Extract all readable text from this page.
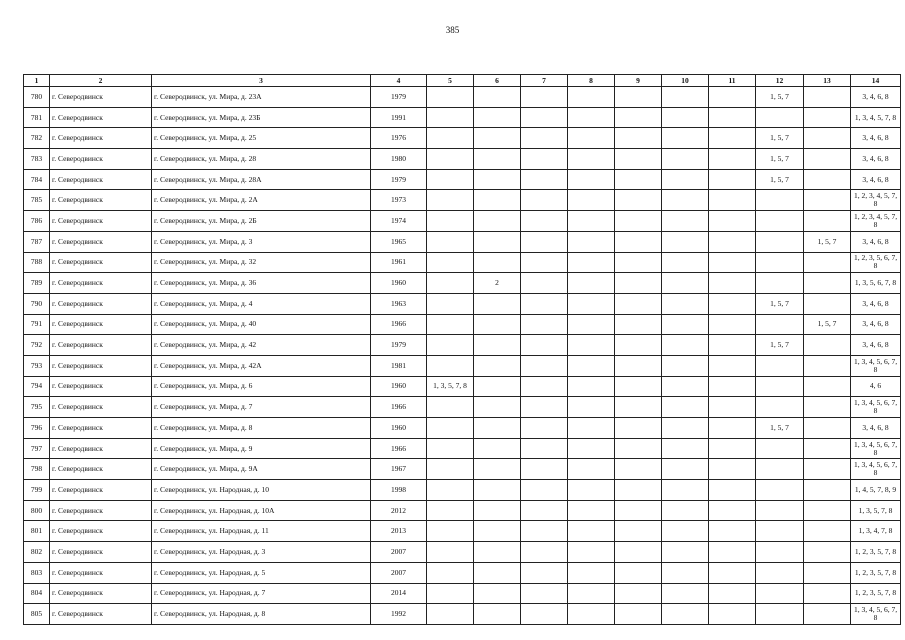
385
1	2	3	4	5	6	7	8	9	10	11	12	13	14
780	г. Северодвинск	г. Северодвинск, ул. Мира, д. 23А	1979								1, 5, 7		3, 4, 6, 8
781	г. Северодвинск	г. Северодвинск, ул. Мира, д. 23Б	1991										1, 3, 4, 5, 7, 8
782	г. Северодвинск	г. Северодвинск, ул. Мира, д. 25	1976								1, 5, 7		3, 4, 6, 8
783	г. Северодвинск	г. Северодвинск, ул. Мира, д. 28	1980								1, 5, 7		3, 4, 6, 8
784	г. Северодвинск	г. Северодвинск, ул. Мира, д. 28А	1979								1, 5, 7		3, 4, 6, 8
785	г. Северодвинск	г. Северодвинск, ул. Мира, д. 2А	1973										1, 2, 3, 4, 5, 7, 8
786	г. Северодвинск	г. Северодвинск, ул. Мира, д. 2Б	1974										1, 2, 3, 4, 5, 7, 8
787	г. Северодвинск	г. Северодвинск, ул. Мира, д. 3	1965									1, 5, 7	3, 4, 6, 8
788	г. Северодвинск	г. Северодвинск, ул. Мира, д. 32	1961										1, 2, 3, 5, 6, 7, 8
789	г. Северодвинск	г. Северодвинск, ул. Мира, д. 36	1960		2								1, 3, 5, 6, 7, 8
790	г. Северодвинск	г. Северодвинск, ул. Мира, д. 4	1963								1, 5, 7		3, 4, 6, 8
791	г. Северодвинск	г. Северодвинск, ул. Мира, д. 40	1966									1, 5, 7	3, 4, 6, 8
792	г. Северодвинск	г. Северодвинск, ул. Мира, д. 42	1979								1, 5, 7		3, 4, 6, 8
793	г. Северодвинск	г. Северодвинск, ул. Мира, д. 42А	1981										1, 3, 4, 5, 6, 7, 8
794	г. Северодвинск	г. Северодвинск, ул. Мира, д. 6	1960	1, 3, 5, 7, 8									4, 6
795	г. Северодвинск	г. Северодвинск, ул. Мира, д. 7	1966										1, 3, 4, 5, 6, 7, 8
796	г. Северодвинск	г. Северодвинск, ул. Мира, д. 8	1960								1, 5, 7		3, 4, 6, 8
797	г. Северодвинск	г. Северодвинск, ул. Мира, д. 9	1966										1, 3, 4, 5, 6, 7, 8
798	г. Северодвинск	г. Северодвинск, ул. Мира, д. 9А	1967										1, 3, 4, 5, 6, 7, 8
799	г. Северодвинск	г. Северодвинск, ул. Народная, д. 10	1998										1, 4, 5, 7, 8, 9
800	г. Северодвинск	г. Северодвинск, ул. Народная, д. 10А	2012										1, 3, 5, 7, 8
801	г. Северодвинск	г. Северодвинск, ул. Народная, д. 11	2013										1, 3, 4, 7, 8
802	г. Северодвинск	г. Северодвинск, ул. Народная, д. 3	2007										1, 2, 3, 5, 7, 8
803	г. Северодвинск	г. Северодвинск, ул. Народная, д. 5	2007										1, 2, 3, 5, 7, 8
804	г. Северодвинск	г. Северодвинск, ул. Народная, д. 7	2014										1, 2, 3, 5, 7, 8
805	г. Северодвинск	г. Северодвинск, ул. Народная, д. 8	1992										1, 3, 4, 5, 6, 7, 8
